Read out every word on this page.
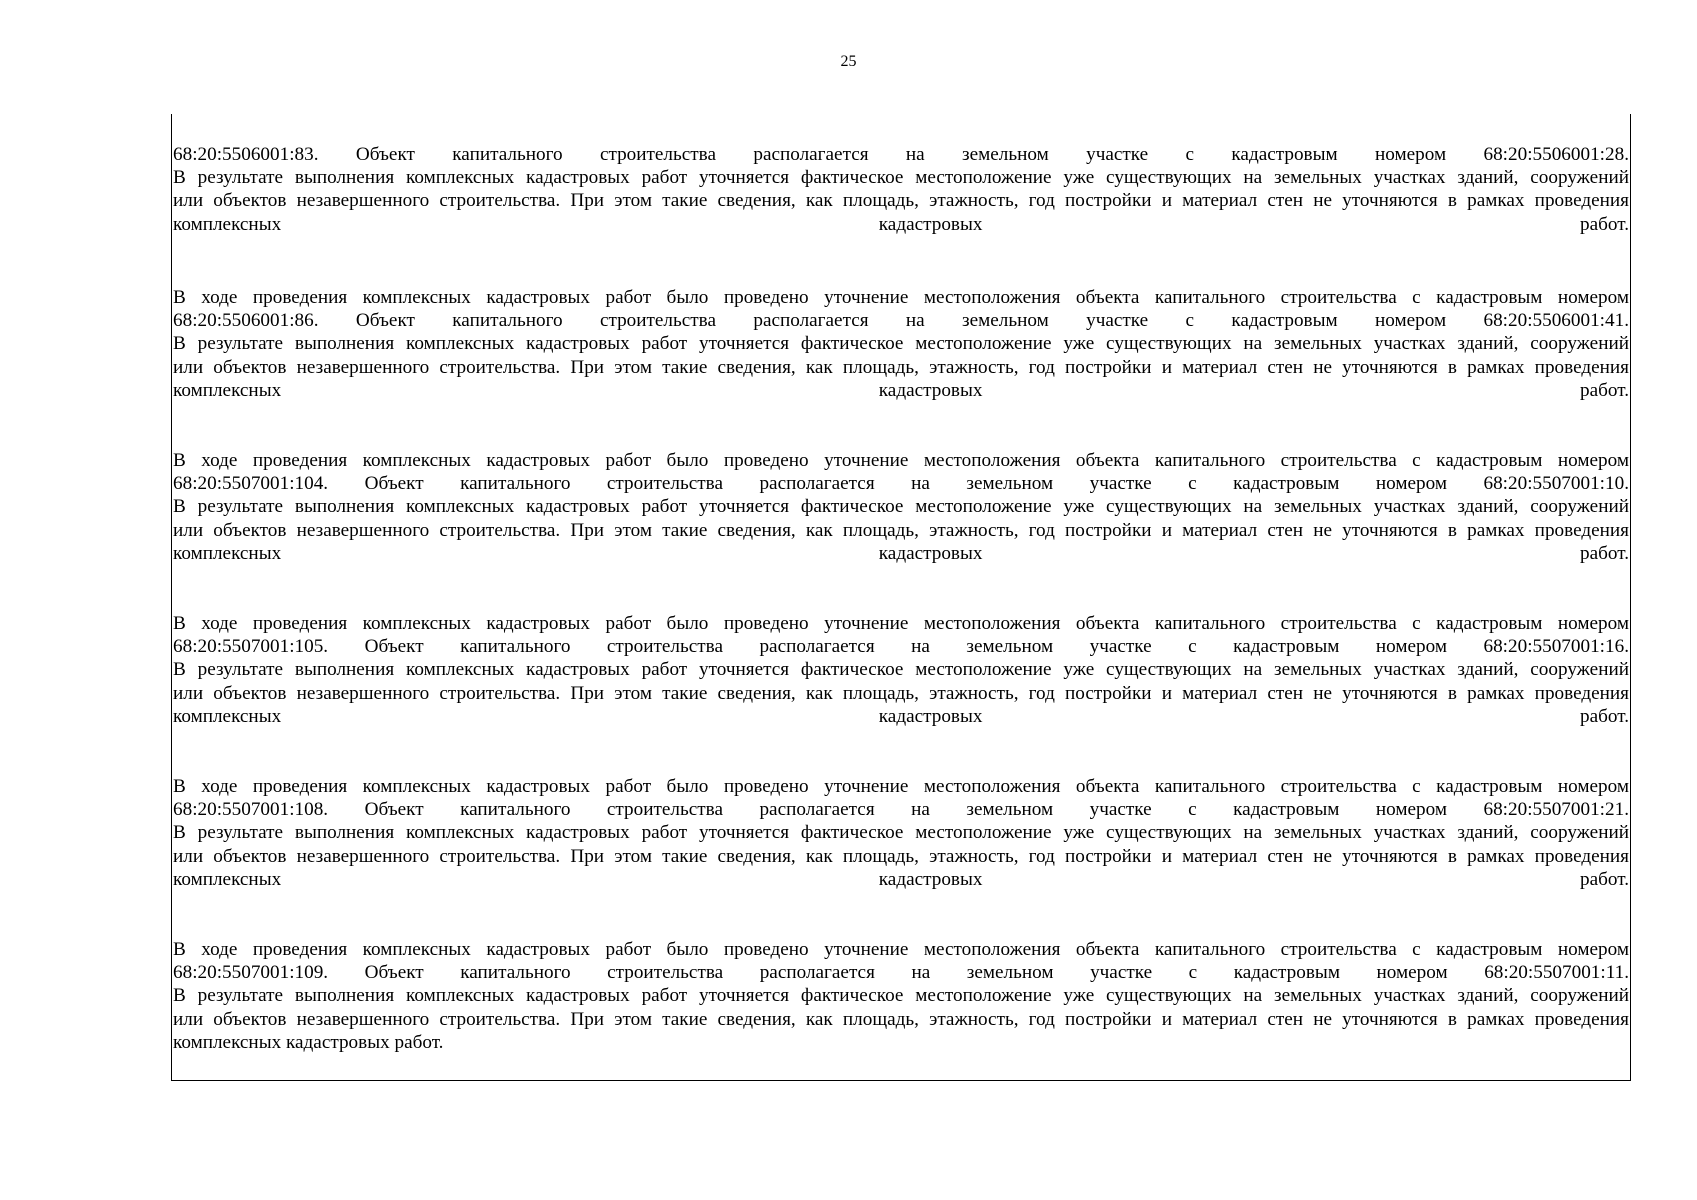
25
68:20:5506001:83. Объект капитального строительства располагается на земельном участке с кадастровым номером 68:20:5506001:28.
В результате выполнения комплексных кадастровых работ уточняется фактическое местоположение уже существующих на земельных участках зданий, сооружений
или объектов незавершенного строительства. При этом такие сведения, как площадь, этажность, год постройки и материал стен не уточняются в рамках проведения
комплексных кадастровых работ.
В ходе проведения комплексных кадастровых работ было проведено уточнение местоположения объекта капитального строительства с кадастровым номером
68:20:5506001:86. Объект капитального строительства располагается на земельном участке с кадастровым номером 68:20:5506001:41.
В результате выполнения комплексных кадастровых работ уточняется фактическое местоположение уже существующих на земельных участках зданий, сооружений
или объектов незавершенного строительства. При этом такие сведения, как площадь, этажность, год постройки и материал стен не уточняются в рамках проведения
комплексных кадастровых работ.
В ходе проведения комплексных кадастровых работ было проведено уточнение местоположения объекта капитального строительства с кадастровым номером
68:20:5507001:104. Объект капитального строительства располагается на земельном участке с кадастровым номером 68:20:5507001:10.
В результате выполнения комплексных кадастровых работ уточняется фактическое местоположение уже существующих на земельных участках зданий, сооружений
или объектов незавершенного строительства. При этом такие сведения, как площадь, этажность, год постройки и материал стен не уточняются в рамках проведения
комплексных кадастровых работ.
В ходе проведения комплексных кадастровых работ было проведено уточнение местоположения объекта капитального строительства с кадастровым номером
68:20:5507001:105. Объект капитального строительства располагается на земельном участке с кадастровым номером 68:20:5507001:16.
В результате выполнения комплексных кадастровых работ уточняется фактическое местоположение уже существующих на земельных участках зданий, сооружений
или объектов незавершенного строительства. При этом такие сведения, как площадь, этажность, год постройки и материал стен не уточняются в рамках проведения
комплексных кадастровых работ.
В ходе проведения комплексных кадастровых работ было проведено уточнение местоположения объекта капитального строительства с кадастровым номером
68:20:5507001:108. Объект капитального строительства располагается на земельном участке с кадастровым номером 68:20:5507001:21.
В результате выполнения комплексных кадастровых работ уточняется фактическое местоположение уже существующих на земельных участках зданий, сооружений
или объектов незавершенного строительства. При этом такие сведения, как площадь, этажность, год постройки и материал стен не уточняются в рамках проведения
комплексных кадастровых работ.
В ходе проведения комплексных кадастровых работ было проведено уточнение местоположения объекта капитального строительства с кадастровым номером
68:20:5507001:109. Объект капитального строительства располагается на земельном участке с кадастровым номером 68:20:5507001:11.
В результате выполнения комплексных кадастровых работ уточняется фактическое местоположение уже существующих на земельных участках зданий, сооружений
или объектов незавершенного строительства. При этом такие сведения, как площадь, этажность, год постройки и материал стен не уточняются в рамках проведения
комплексных кадастровых работ.
